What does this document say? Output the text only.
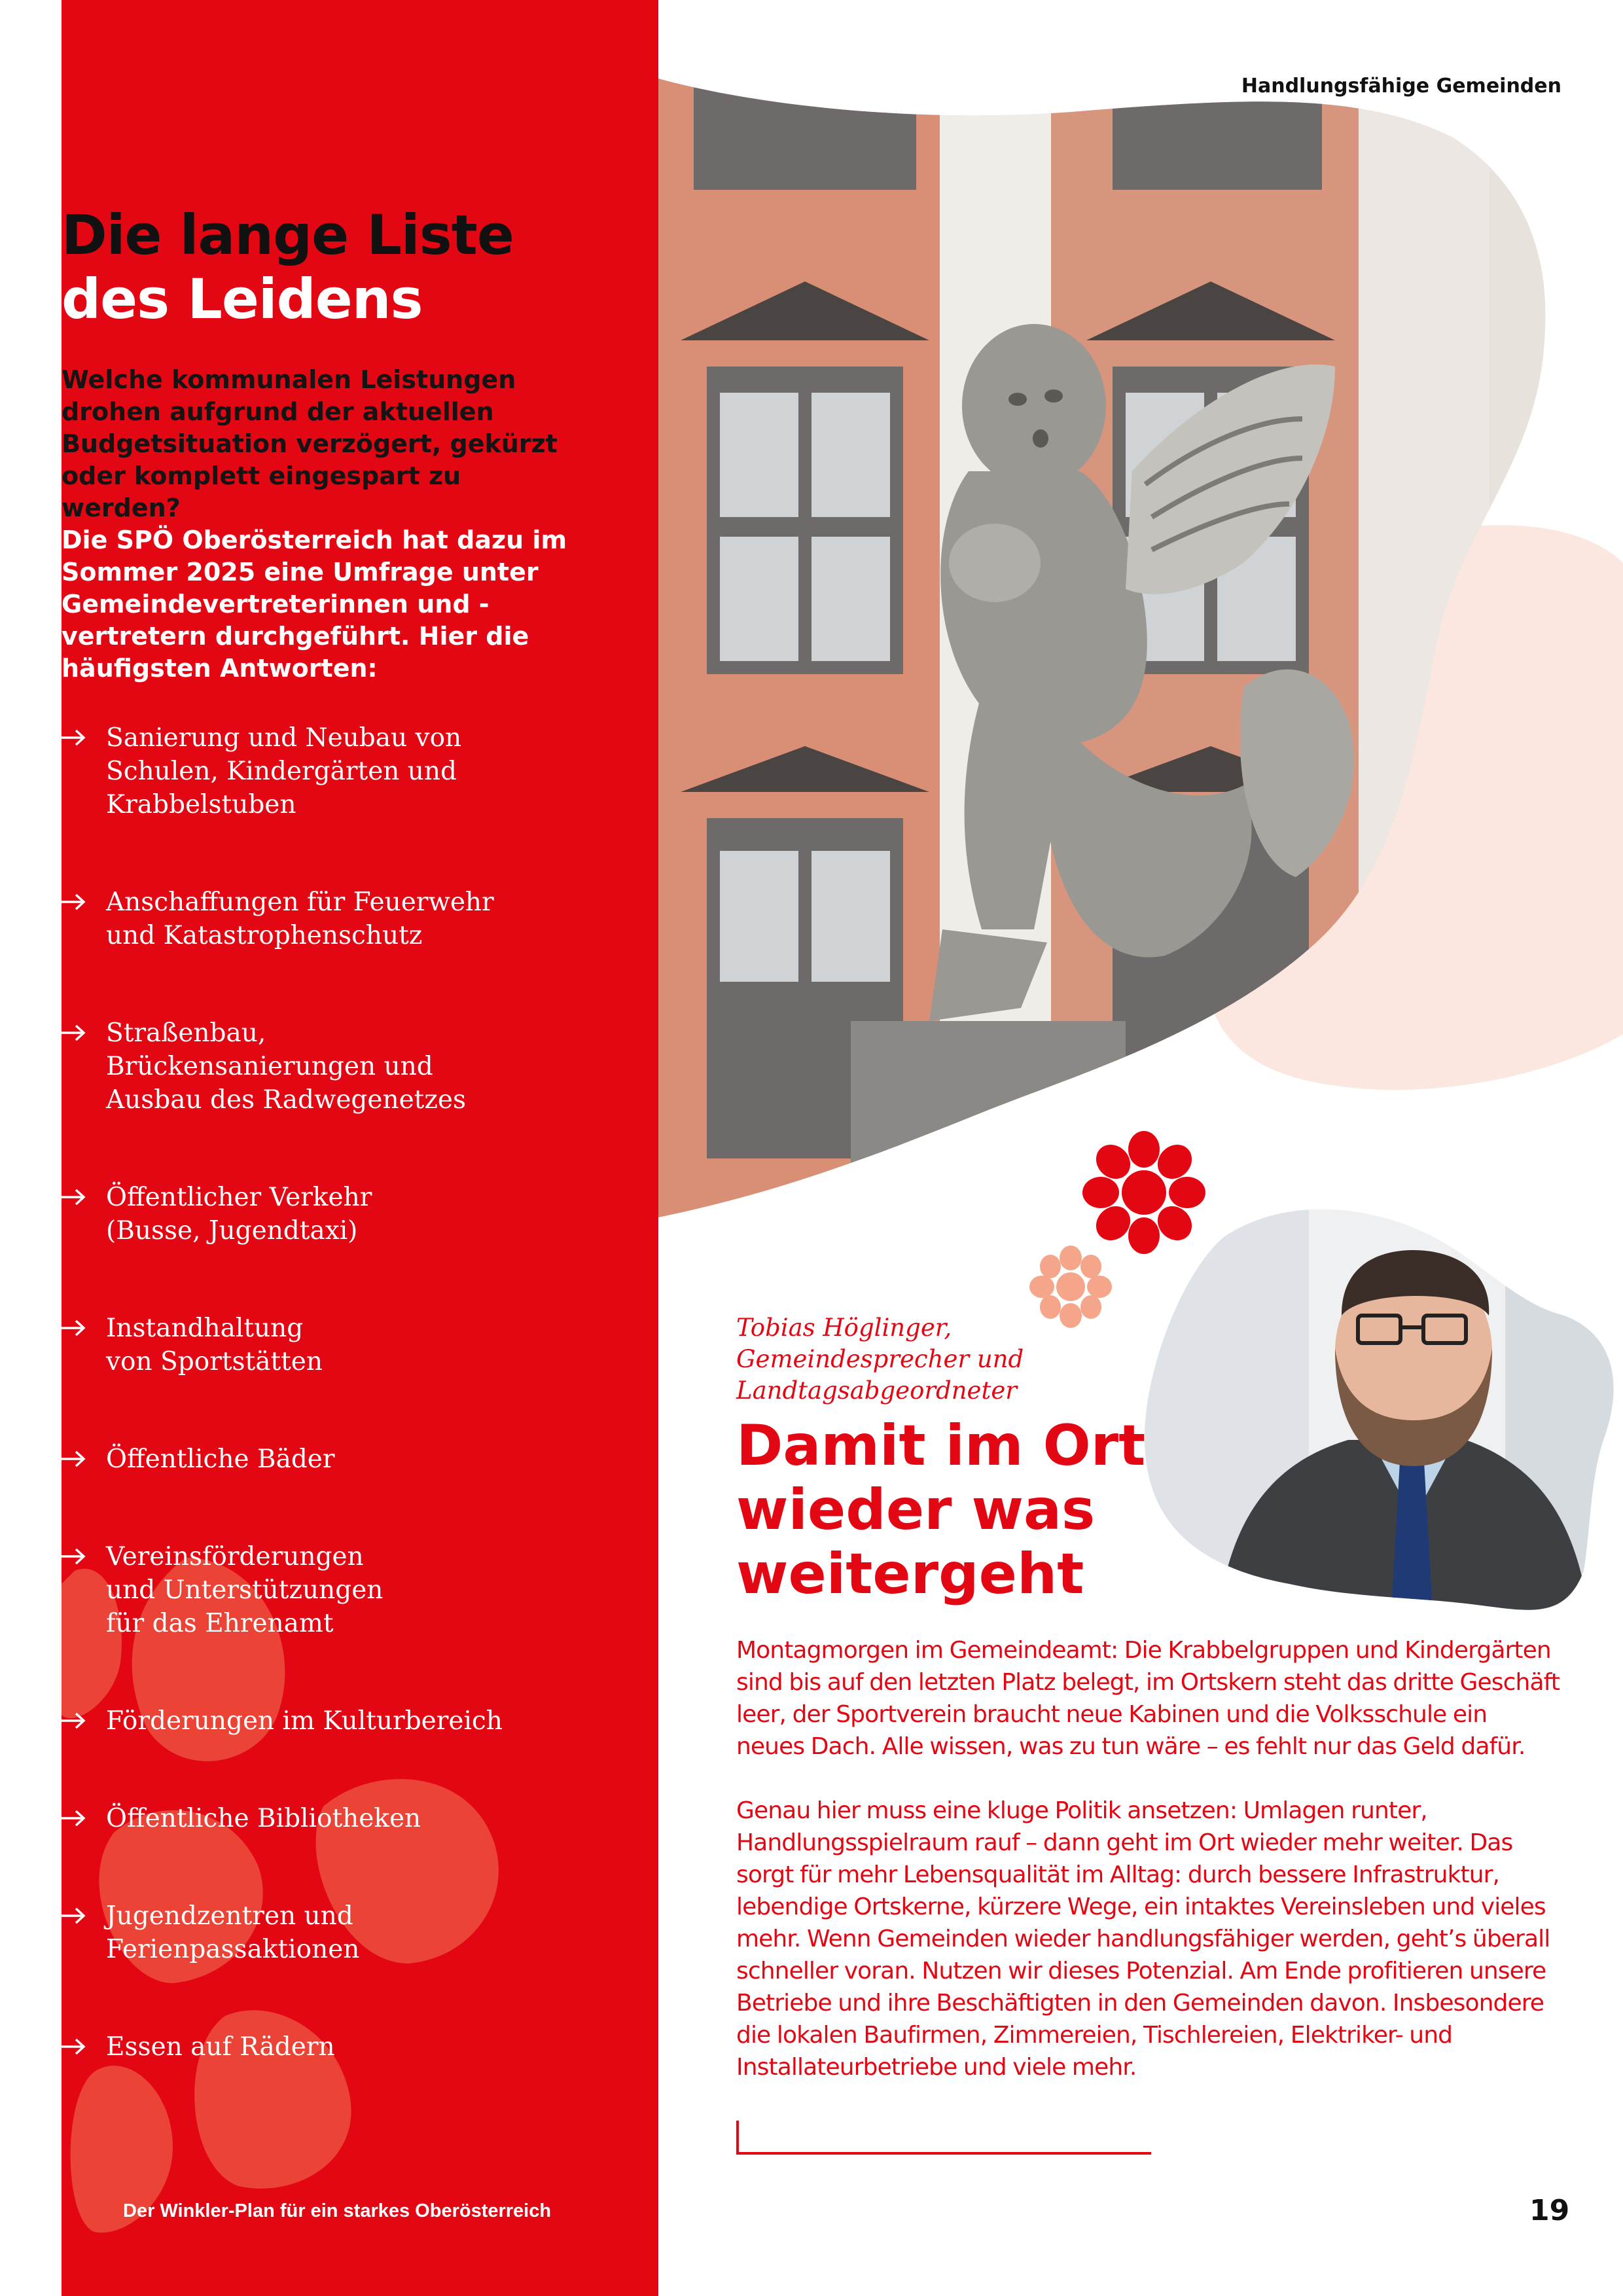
Der Winkler-Plan für ein starkes Oberösterreich
Die lange Liste
des Leidens
Welche kommunalen Leistungen drohen aufgrund der aktuellen Budgetsituation verzögert, gekürzt oder komplett eingespart zu werden?
Die SPÖ Oberösterreich hat dazu im Sommer 2025 eine Umfrage unter Gemeindevertreterinnen und -vertretern durchgeführt. Hier die häufigsten Antworten:
Sanierung und Neubau von
Schulen, Kindergärten und
Krabbelstuben
Anschaffungen für Feuerwehr
und Katastrophenschutz
Straßenbau,
Brückensanierungen und
Ausbau des Radwegenetzes
Öffentlicher Verkehr
(Busse, Jugendtaxi)
Instandhaltung
von Sportstätten
Öffentliche Bäder
Vereinsförderungen
und Unterstützungen
für das Ehrenamt
Förderungen im Kulturbereich
Öffentliche Bibliotheken
Jugendzentren und
Ferienpassaktionen
Essen auf Rädern
Handlungsfähige Gemeinden
Tobias Höglinger,
Gemeindesprecher und
Landtagsabgeordneter
Damit im Ort
wieder was
weitergeht

Montagmorgen im Gemeindeamt: Die Krabbelgruppen und Kindergärten sind bis auf den letzten Platz belegt, im Ortskern steht das dritte Geschäft leer, der Sportverein braucht neue Kabinen und die Volksschule ein neues Dach. Alle wissen, was zu tun wäre – es fehlt nur das Geld dafür.

Genau hier muss eine kluge Politik ansetzen: Umlagen runter, Handlungsspielraum rauf – dann geht im Ort wieder mehr weiter. Das sorgt für mehr Lebensqualität im Alltag: durch bessere Infrastruktur, lebendige Ortskerne, kürzere Wege, ein intaktes Vereinsleben und vieles mehr. Wenn Gemeinden wieder handlungsfähiger werden, geht’s überall schneller voran. Nutzen wir dieses Potenzial. Am Ende profitieren unsere Betriebe und ihre Beschäftigten in den Gemeinden davon. Insbesondere die lokalen Baufirmen, Zimmereien, Tischlereien, Elektriker- und Installateurbetriebe und viele mehr.

19
